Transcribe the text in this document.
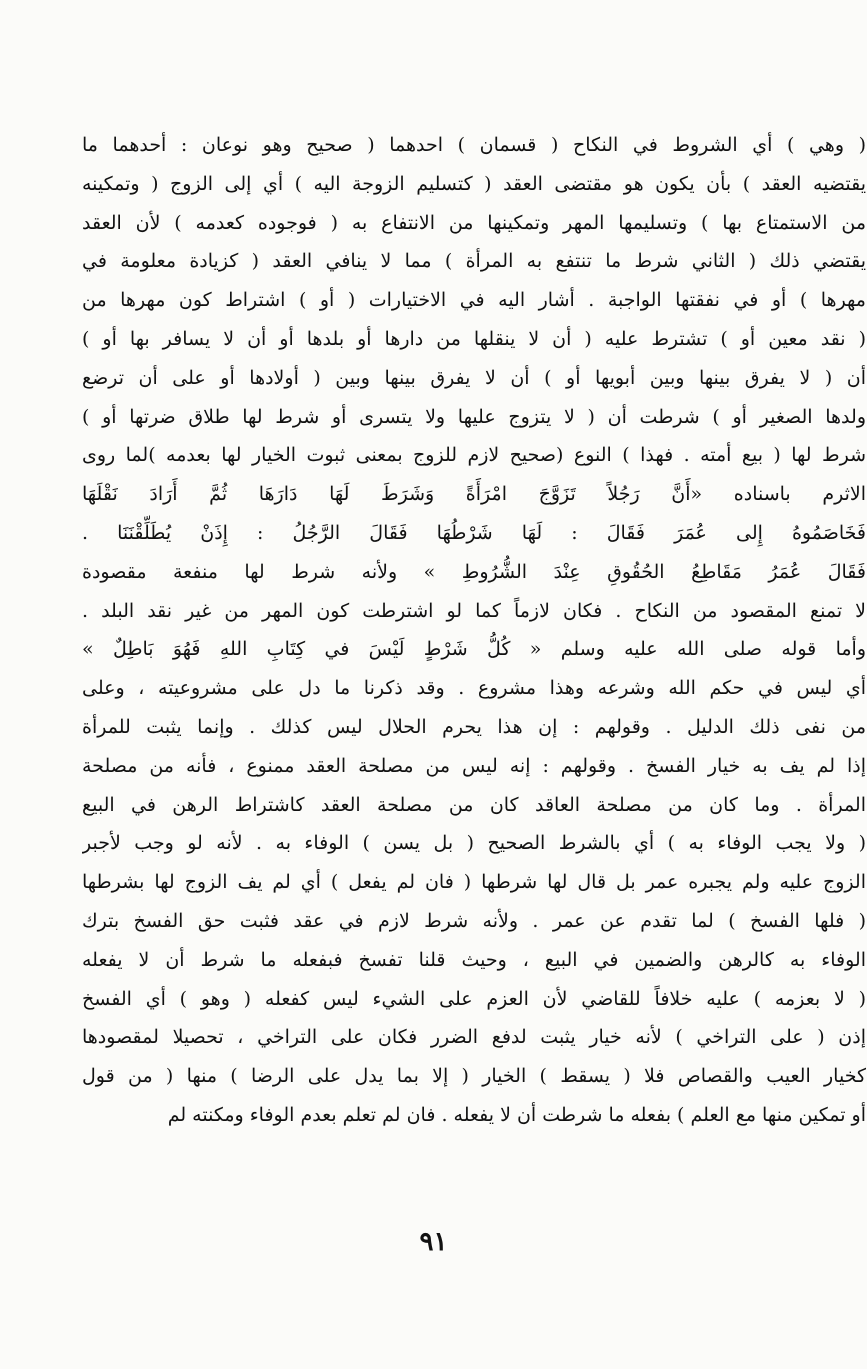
( وهي ) أي الشروط في النكاح ( قسمان ) احدهما ( صحيح وهو نوعان : أحدهما ما
يقتضيه العقد ) بأن يكون هو مقتضى العقد ( كتسليم الزوجة اليه ) أي إلى الزوج ( وتمكينه
من الاستمتاع بها ) وتسليمها المهر وتمكينها من الانتفاع به ( فوجوده كعدمه ) لأن العقد
يقتضي ذلك ( الثاني شرط ما تنتفع به المرأة ) مما لا ينافي العقد ( كزيادة معلومة في
مهرها ) أو في نفقتها الواجبة . أشار اليه في الاختيارات ( أو ) اشتراط كون مهرها من
( نقد معين أو ) تشترط عليه ( أن لا ينقلها من دارها أو بلدها أو أن لا يسافر بها أو )
أن ( لا يفرق بينها وبين أبويها أو ) أن لا يفرق بينها وبين ( أولادها أو على أن ترضع
ولدها الصغير أو ) شرطت أن ( لا يتزوج عليها ولا يتسرى أو شرط لها طلاق ضرتها أو )
شرط لها ( بيع أمته . فهذا ) النوع (صحيح لازم للزوج بمعنى ثبوت الخيار لها بعدمه )لما روى
الاثرم باسناده «أَنَّ رَجُلاً تَزَوَّجَ امْرَأَةً وَشَرَطَ لَهَا دَارَهَا ثُمَّ أَرَادَ نَقْلَهَا
فَخَاصَمُوهُ إِلى عُمَرَ فَقَالَ : لَهَا شَرْطُهَا فَقَالَ الرَّجُلُ : إِذَنْ يُطَلِّقْنَنَا .
فَقَالَ عُمَرُ مَقَاطِعُ الحُقُوقِ عِنْدَ الشُّرُوطِ » ولأنه شرط لها منفعة مقصودة
لا تمنع المقصود من النكاح . فكان لازماً كما لو اشترطت كون المهر من غير نقد البلد .
وأما قوله صلى الله عليه وسلم « كُلُّ شَرْطٍ لَيْسَ في كِتَابِ اللهِ فَهُوَ بَاطِلٌ »
أي ليس في حكم الله وشرعه وهذا مشروع . وقد ذكرنا ما دل على مشروعيته ، وعلى
من نفى ذلك الدليل . وقولهم : إن هذا يحرم الحلال ليس كذلك . وإنما يثبت للمرأة
إذا لم يف به خيار الفسخ . وقولهم : إنه ليس من مصلحة العقد ممنوع ، فأنه من مصلحة
المرأة . وما كان من مصلحة العاقد كان من مصلحة العقد كاشتراط الرهن في البيع
( ولا يجب الوفاء به ) أي بالشرط الصحيح ( بل يسن ) الوفاء به . لأنه لو وجب لأجبر
الزوج عليه ولم يجبره عمر بل قال لها شرطها ( فان لم يفعل ) أي لم يف الزوج لها بشرطها
( فلها الفسخ ) لما تقدم عن عمر . ولأنه شرط لازم في عقد فثبت حق الفسخ بترك
الوفاء به كالرهن والضمين في البيع ، وحيث قلنا تفسخ فبفعله ما شرط أن لا يفعله
( لا بعزمه ) عليه خلافاً للقاضي لأن العزم على الشيء ليس كفعله ( وهو ) أي الفسخ
إذن ( على التراخي ) لأنه خيار يثبت لدفع الضرر فكان على التراخي ، تحصيلا لمقصودها
كخيار العيب والقصاص فلا ( يسقط ) الخيار ( إلا بما يدل على الرضا ) منها ( من قول
أو تمكين منها مع العلم ) بفعله ما شرطت أن لا يفعله . فان لم تعلم بعدم الوفاء ومكنته لم
٩١
